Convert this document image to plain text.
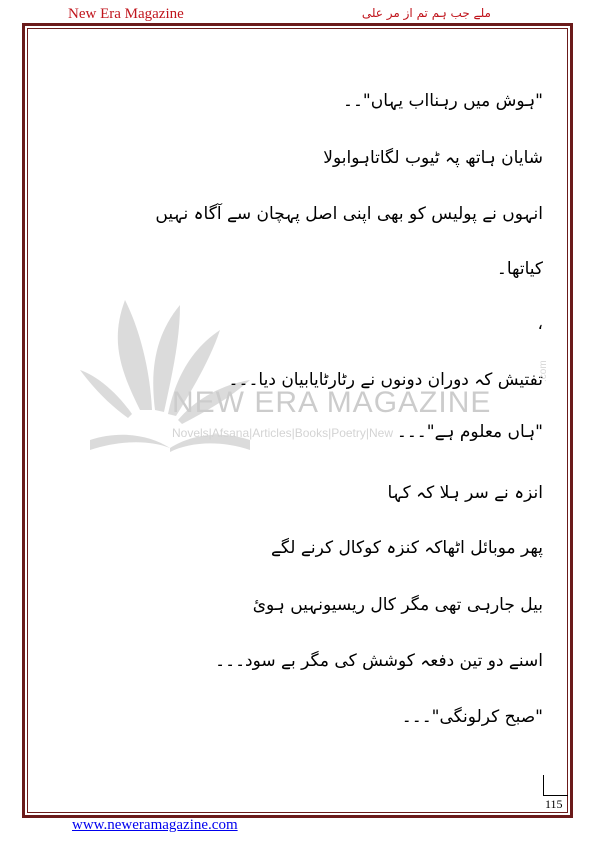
New Era Magazine	ملے جب ہم تم از مر علی
NEW ERA MAGAZINE
Novels|Afsana|Articles|Books|Poetry|New
.com
"ہوش میں رہنااب یہاں"۔۔
شایان ہاتھ پہ ٹیوب لگاتاہوابولا
انہوں نے پولیس کو بھی اپنی اصل پہچان سے آگاہ نہیں
کیاتھا۔
،
تفتیش کہ دوران دونوں نے رٹارٹایابیان دیا۔۔۔
"ہاں معلوم ہے"۔۔۔
انزہ نے سر ہلا کہ کہا
پھر موبائل اٹھاکہ کنزہ کوکال کرنے لگے
بیل جارہی تھی مگر کال ریسیونہیں ہوئ
اسنے دو تین دفعہ کوشش کی مگر بے سود۔۔۔
"صبح کرلونگی"۔۔۔
115
www.neweramagazine.com
